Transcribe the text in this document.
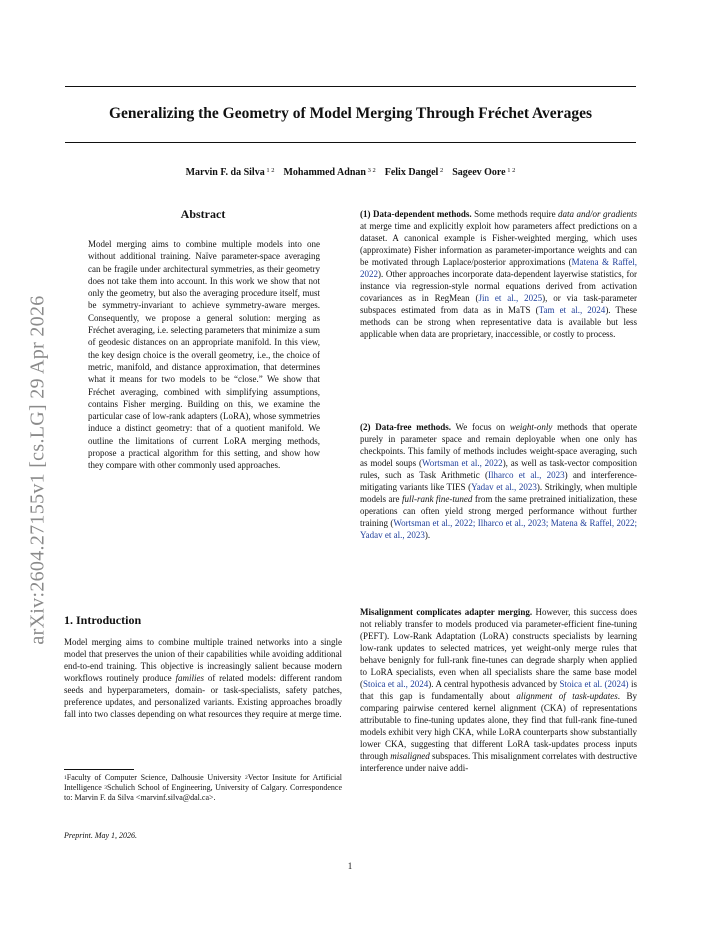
Generalizing the Geometry of Model Merging Through Fréchet Averages
Marvin F. da Silva $^{1 2}$ Mohammed Adnan $^{3 2}$ Felix Dangel $^2$ Sageev Oore $^{1 2}$
arXiv:2604.27155v1 [cs.LG] 29 Apr 2026
Abstract
Model merging aims to combine multiple models into one without additional training. Naïve parameter-space averaging can be fragile under architectural symmetries, as their geometry does not take them into account. In this work we show that not only the geometry, but also the averaging procedure itself, must be symmetry-invariant to achieve symmetry-aware merges. Consequently, we propose a general solution: merging as Fréchet averaging, i.e. selecting parameters that minimize a sum of geodesic distances on an appropriate manifold. In this view, the key design choice is the overall geometry, i.e., the choice of metric, manifold, and distance approximation, that determines what it means for two models to be “close.” We show that Fréchet averaging, combined with simplifying assumptions, contains Fisher merging. Building on this, we examine the particular case of low-rank adapters (LoRA), whose symmetries induce a distinct geometry: that of a quotient manifold. We outline the limitations of current LoRA merging methods, propose a practical algorithm for this setting, and show how they compare with other commonly used approaches.
1. Introduction
Model merging aims to combine multiple trained networks into a single model that preserves the union of their capabilities while avoiding additional end-to-end training. This objective is increasingly salient because modern workflows routinely produce families of related models: different random seeds and hyperparameters, domain- or task-specialists, safety patches, preference updates, and personalized variants. Existing approaches broadly fall into two classes depending on what resources they require at merge time.
$^1$Faculty of Computer Science, Dalhousie University $^2$Vector Insitute for Artificial Intelligence $^3$Schulich School of Engineering, University of Calgary. Correspondence to: Marvin F. da Silva <marvinf.silva@dal.ca>.
Preprint. May 1, 2026.
(1) Data-dependent methods. Some methods require data and/or gradients at merge time and explicitly exploit how parameters affect predictions on a dataset. A canonical example is Fisher-weighted merging, which uses (approximate) Fisher information as parameter-importance weights and can be motivated through Laplace/posterior approximations (Matena & Raffel, 2022). Other approaches incorporate data-dependent layerwise statistics, for instance via regression-style normal equations derived from activation covariances as in RegMean (Jin et al., 2025), or via task-parameter subspaces estimated from data as in MaTS (Tam et al., 2024). These methods can be strong when representative data is available but less applicable when data are proprietary, inaccessible, or costly to process.
(2) Data-free methods. We focus on weight-only methods that operate purely in parameter space and remain deployable when one only has checkpoints. This family of methods includes weight-space averaging, such as model soups (Wortsman et al., 2022), as well as task-vector composition rules, such as Task Arithmetic (Ilharco et al., 2023) and interference-mitigating variants like TIES (Yadav et al., 2023). Strikingly, when multiple models are full-rank fine-tuned from the same pretrained initialization, these operations can often yield strong merged performance without further training (Wortsman et al., 2022; Ilharco et al., 2023; Matena & Raffel, 2022; Yadav et al., 2023).
Misalignment complicates adapter merging. However, this success does not reliably transfer to models produced via parameter-efficient fine-tuning (PEFT). Low-Rank Adaptation (LoRA) constructs specialists by learning low-rank updates to selected matrices, yet weight-only merge rules that behave benignly for full-rank fine-tunes can degrade sharply when applied to LoRA specialists, even when all specialists share the same base model (Stoica et al., 2024). A central hypothesis advanced by Stoica et al. (2024) is that this gap is fundamentally about alignment of task-updates. By comparing pairwise centered kernel alignment (CKA) of representations attributable to fine-tuning updates alone, they find that full-rank fine-tuned models exhibit very high CKA, while LoRA counterparts show substantially lower CKA, suggesting that different LoRA task-updates process inputs through misaligned subspaces. This misalignment correlates with destructive interference under naive addi-
1
